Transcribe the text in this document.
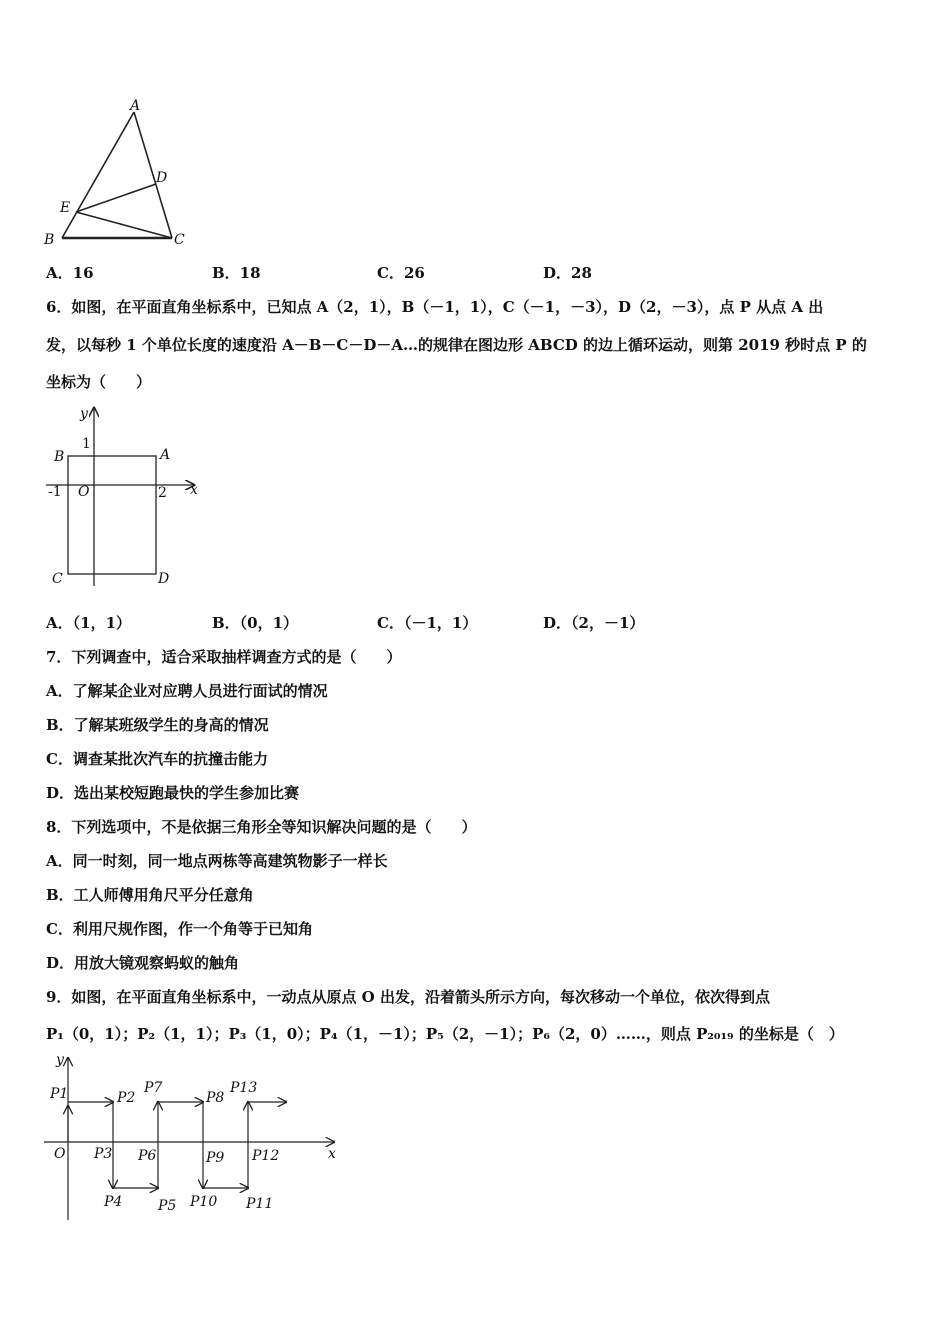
A
D
E
B	C
A．16	B．18	C．26	D．28
6．如图，在平面直角坐标系中，已知点 A（2，1），B（－1，1），C（－1，－3），D（2，－3），点 P 从点 A 出
发，以每秒 1 个单位长度的速度沿 A－B－C－D－A…的规律在图边形 ABCD 的边上循环运动，则第 2019 秒时点 P 的
坐标为（　　）
y
x
1
-1 O	2
A
B
C	D
A．（1，1）	B．（0，1）	C．（－1，1）	D．（2，－1）
7．下列调查中，适合采取抽样调查方式的是（　　）
A．了解某企业对应聘人员进行面试的情况
B．了解某班级学生的身高的情况
C．调查某批次汽车的抗撞击能力
D．选出某校短跑最快的学生参加比赛
8．下列选项中，不是依据三角形全等知识解决问题的是（　　）
A．同一时刻，同一地点两栋等高建筑物影子一样长
B．工人师傅用角尺平分任意角
C．利用尺规作图，作一个角等于已知角
D．用放大镜观察蚂蚁的触角
9．如图，在平面直角坐标系中，一动点从原点 O 出发，沿着箭头所示方向，每次移动一个单位，依次得到点
P₁（0，1）；P₂（1，1）；P₃（1，0）；P₄（1，－1）；P₅（2，－1）；P₆（2，0）……，则点 P₂₀₁₉ 的坐标是（　）
y
x
O
P1	P2
P3
P4	P5
P6
P7
P8
P9
P10 P11
P12
P13
